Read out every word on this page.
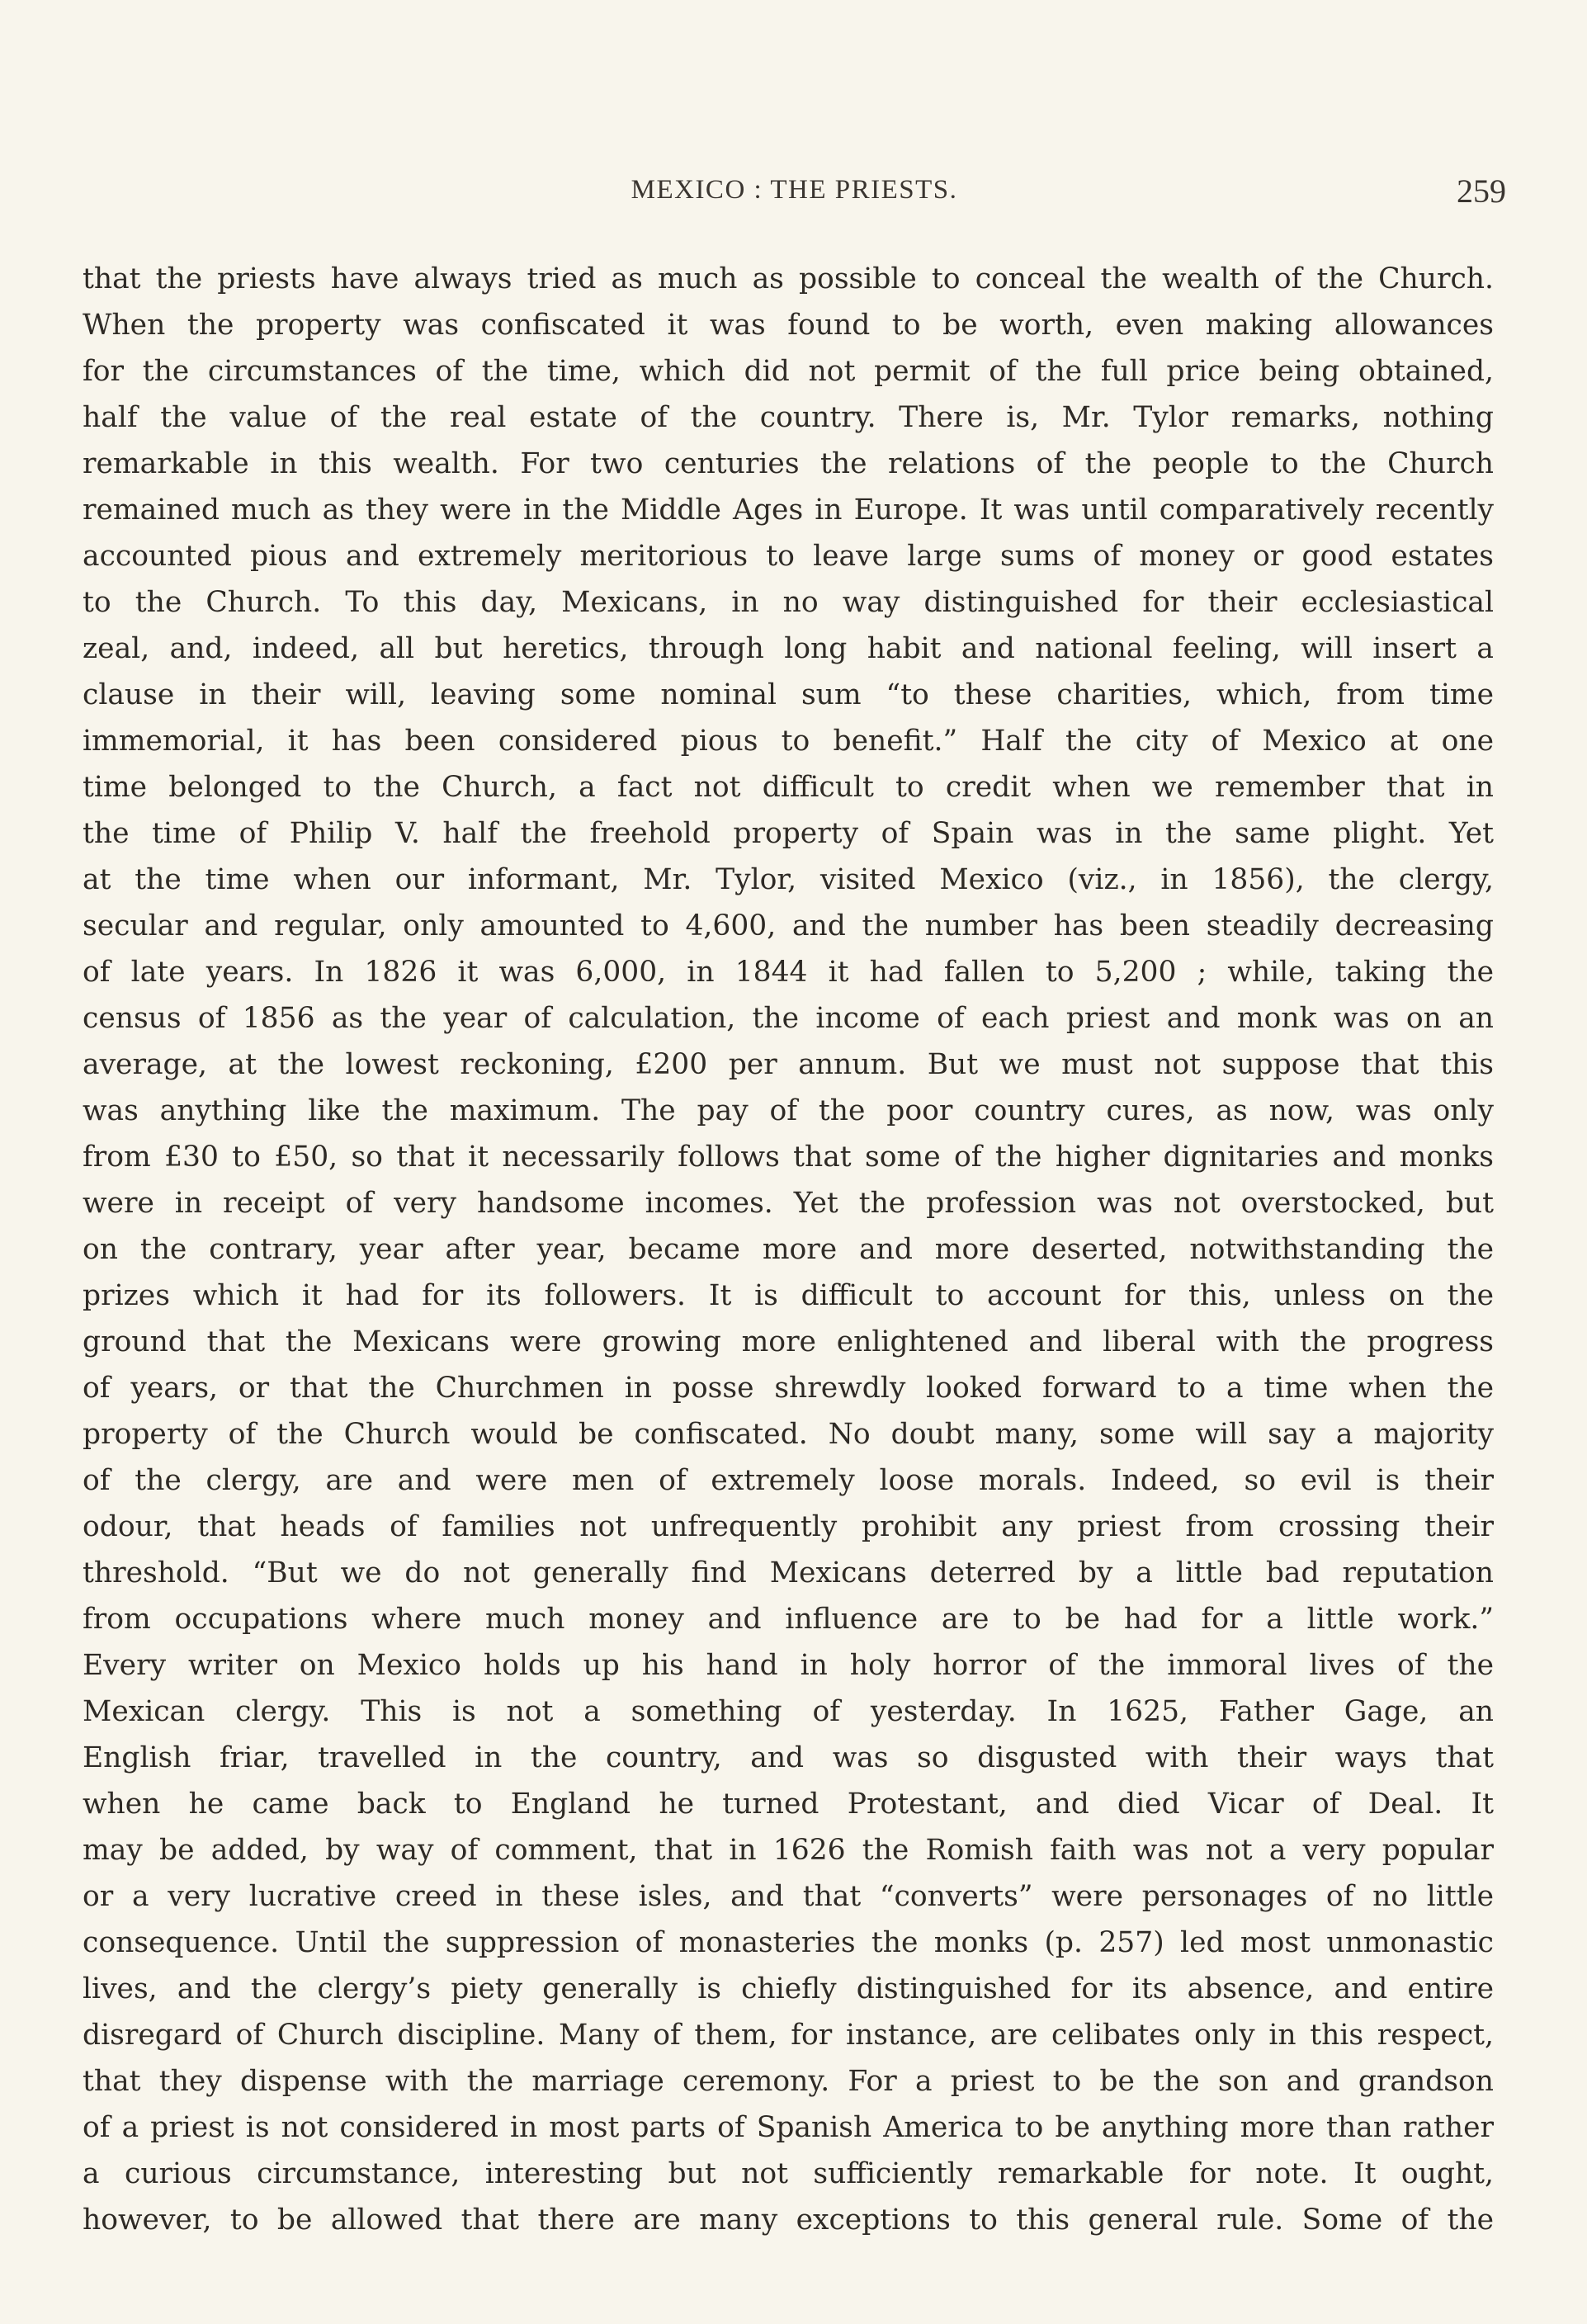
MEXICO : THE PRIESTS.	259
that the priests have always tried as much as possible to conceal the wealth of the Church.
When the property was confiscated it was found to be worth, even making allowances
for the circumstances of the time, which did not permit of the full price being obtained,
half the value of the real estate of the country. There is, Mr. Tylor remarks, nothing
remarkable in this wealth. For two centuries the relations of the people to the Church
remained much as they were in the Middle Ages in Europe. It was until comparatively recently
accounted pious and extremely meritorious to leave large sums of money or good estates
to the Church. To this day, Mexicans, in no way distinguished for their ecclesiastical
zeal, and, indeed, all but heretics, through long habit and national feeling, will insert a
clause in their will, leaving some nominal sum “to these charities, which, from time
immemorial, it has been considered pious to benefit.” Half the city of Mexico at one
time belonged to the Church, a fact not difficult to credit when we remember that in
the time of Philip V. half the freehold property of Spain was in the same plight. Yet
at the time when our informant, Mr. Tylor, visited Mexico (viz., in 1856), the clergy,
secular and regular, only amounted to 4,600, and the number has been steadily decreasing
of late years. In 1826 it was 6,000, in 1844 it had fallen to 5,200 ; while, taking the
census of 1856 as the year of calculation, the income of each priest and monk was on an
average, at the lowest reckoning, £200 per annum. But we must not suppose that this
was anything like the maximum. The pay of the poor country cures, as now, was only
from £30 to £50, so that it necessarily follows that some of the higher dignitaries and monks
were in receipt of very handsome incomes. Yet the profession was not overstocked, but
on the contrary, year after year, became more and more deserted, notwithstanding the
prizes which it had for its followers. It is difficult to account for this, unless on the
ground that the Mexicans were growing more enlightened and liberal with the progress
of years, or that the Churchmen in posse shrewdly looked forward to a time when the
property of the Church would be confiscated. No doubt many, some will say a majority
of the clergy, are and were men of extremely loose morals. Indeed, so evil is their
odour, that heads of families not unfrequently prohibit any priest from crossing their
threshold. “But we do not generally find Mexicans deterred by a little bad reputation
from occupations where much money and influence are to be had for a little work.”
Every writer on Mexico holds up his hand in holy horror of the immoral lives of the
Mexican clergy. This is not a something of yesterday. In 1625, Father Gage, an
English friar, travelled in the country, and was so disgusted with their ways that
when he came back to England he turned Protestant, and died Vicar of Deal. It
may be added, by way of comment, that in 1626 the Romish faith was not a very popular
or a very lucrative creed in these isles, and that “converts” were personages of no little
consequence. Until the suppression of monasteries the monks (p. 257) led most unmonastic
lives, and the clergy’s piety generally is chiefly distinguished for its absence, and entire
disregard of Church discipline. Many of them, for instance, are celibates only in this respect,
that they dispense with the marriage ceremony. For a priest to be the son and grandson
of a priest is not considered in most parts of Spanish America to be anything more than rather
a curious circumstance, interesting but not sufficiently remarkable for note. It ought,
however, to be allowed that there are many exceptions to this general rule. Some of the
